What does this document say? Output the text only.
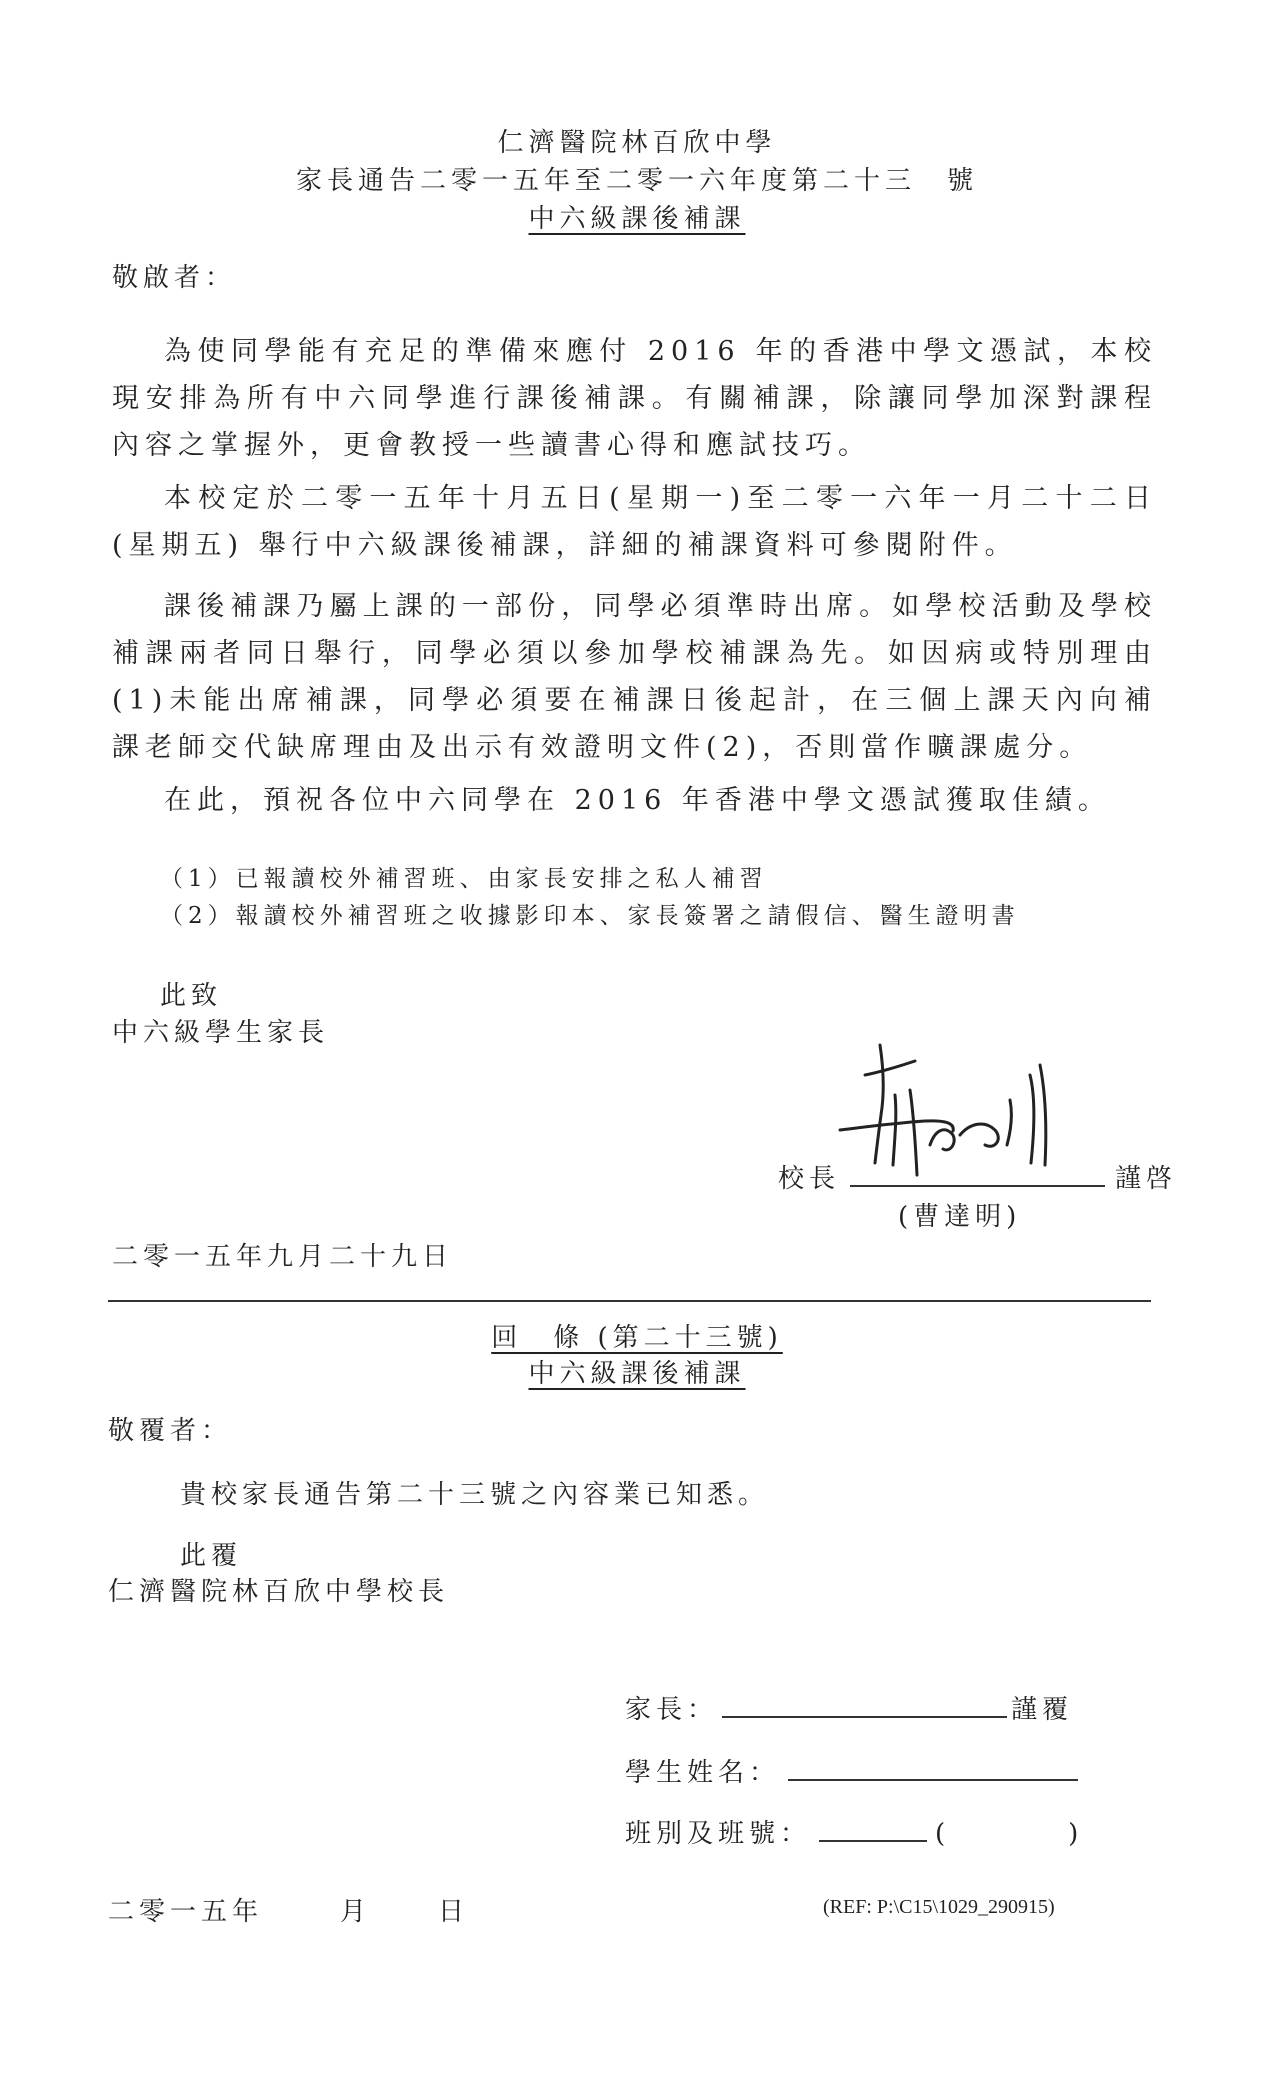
仁濟醫院林百欣中學
家長通告二零一五年至二零一六年度第二十三　號
中六級課後補課
敬啟者：
為使同學能有充足的準備來應付 2016 年的香港中學文憑試，本校現安排為所有中六同學進行課後補課。有關補課，除讓同學加深對課程內容之掌握外，更會教授一些讀書心得和應試技巧。
本校定於二零一五年十月五日(星期一)至二零一六年一月二十二日(星期五) 舉行中六級課後補課，詳細的補課資料可參閱附件。
課後補課乃屬上課的一部份，同學必須準時出席。如學校活動及學校補課兩者同日舉行，同學必須以參加學校補課為先。如因病或特別理由(1)未能出席補課，同學必須要在補課日後起計，在三個上課天內向補課老師交代缺席理由及出示有效證明文件(2)，否則當作曠課處分。
在此，預祝各位中六同學在 2016 年香港中學文憑試獲取佳績。
（1）已報讀校外補習班、由家長安排之私人補習
（2）報讀校外補習班之收據影印本、家長簽署之請假信、醫生證明書
此致
中六級學生家長
校長	謹啓
(曹達明)
二零一五年九月二十九日
回　條 (第二十三號)
中六級課後補課
敬覆者：
貴校家長通告第二十三號之內容業已知悉。
此覆
仁濟醫院林百欣中學校長
家長：	謹覆
學生姓名：
班別及班號：	(	)
二零一五年	月	日	(REF: P:\C15\1029_290915)
